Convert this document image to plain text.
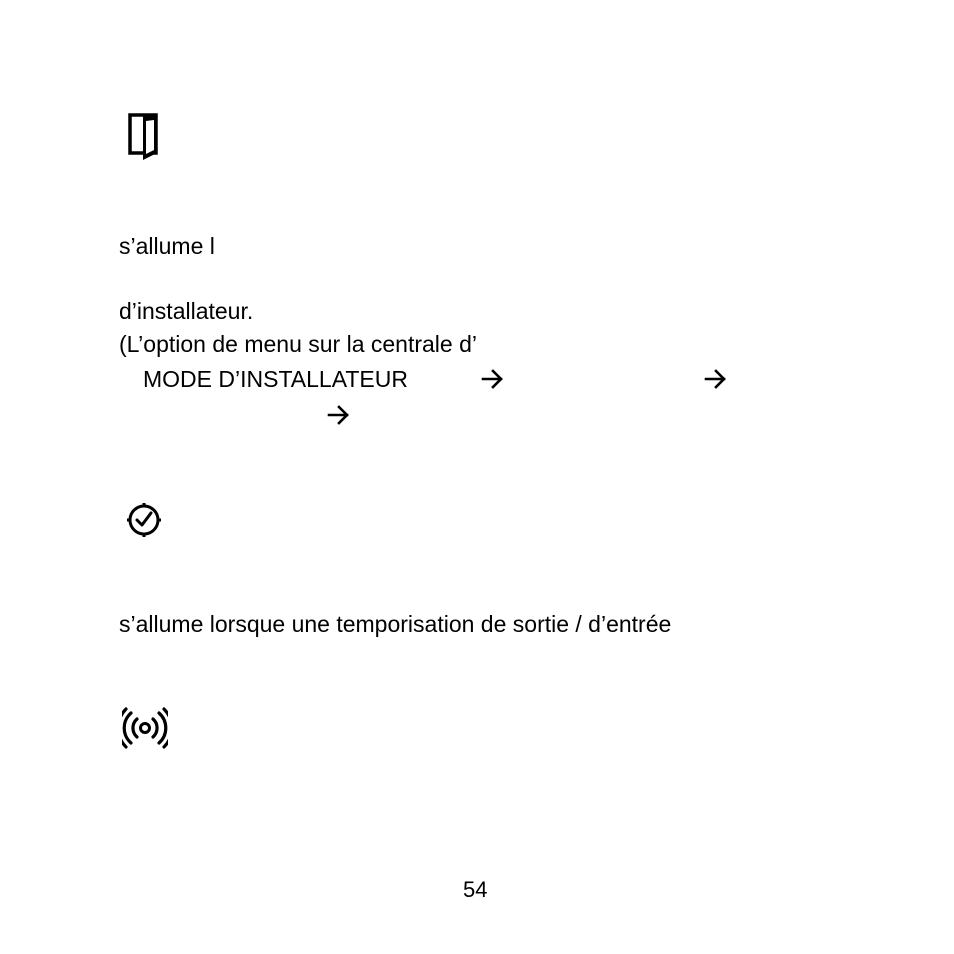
s’allume l

d’installateur.

(L’option de menu sur la centrale d’

MODE D’INSTALLATEUR

s’allume lorsque une temporisation de sortie / d’entrée

54
